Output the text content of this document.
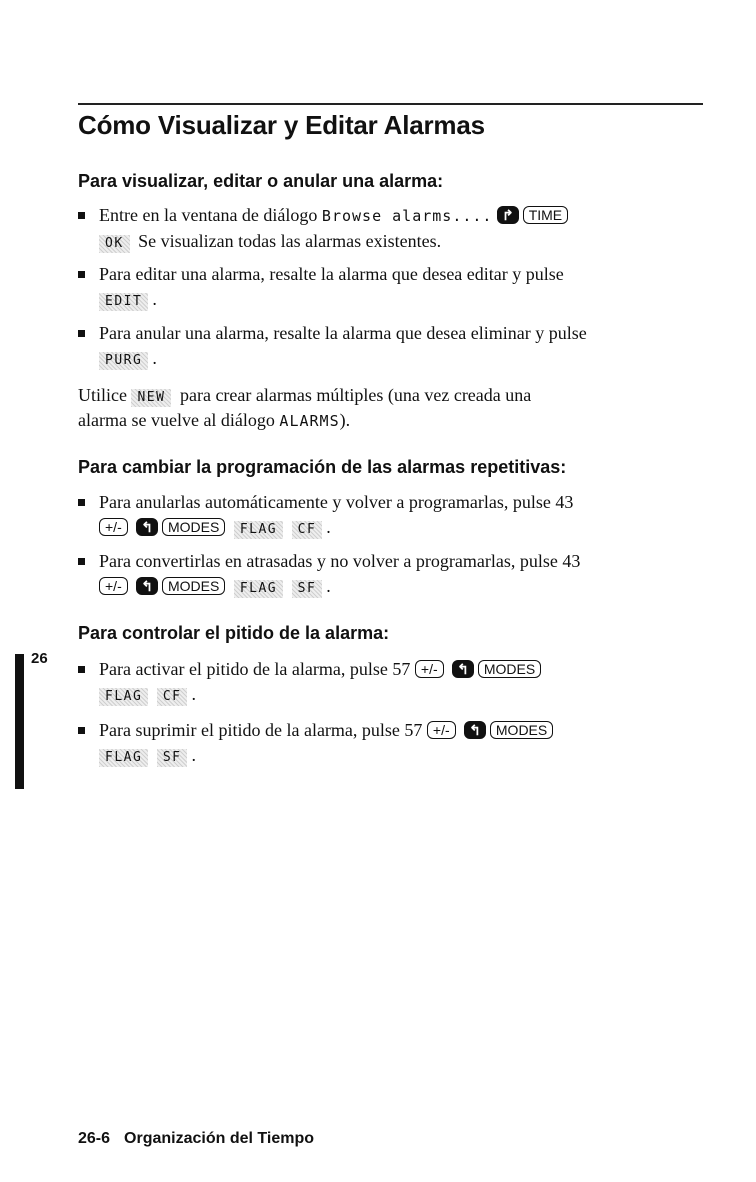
Cómo Visualizar y Editar Alarmas
Para visualizar, editar o anular una alarma:
Entre en la ventana de diálogo Browse alarms.... ↱ TIME
OK Se visualizan todas las alarmas existentes.
Para editar una alarma, resalte la alarma que desea editar y pulse
EDIT .
Para anular una alarma, resalte la alarma que desea eliminar y pulse
PURG .
Utilice NEW para crear alarmas múltiples (una vez creada una
alarma se vuelve al diálogo ALARMS).
Para cambiar la programación de las alarmas repetitivas:
Para anularlas automáticamente y volver a programarlas, pulse 43
+/- ↰ MODES FLAG CF .
Para convertirlas en atrasadas y no volver a programarlas, pulse 43
+/- ↰ MODES FLAG SF .
Para controlar el pitido de la alarma:
Para activar el pitido de la alarma, pulse 57 +/- ↰ MODES
FLAG CF .
Para suprimir el pitido de la alarma, pulse 57 +/- ↰ MODES
FLAG SF .
26
26-6 Organización del Tiempo
